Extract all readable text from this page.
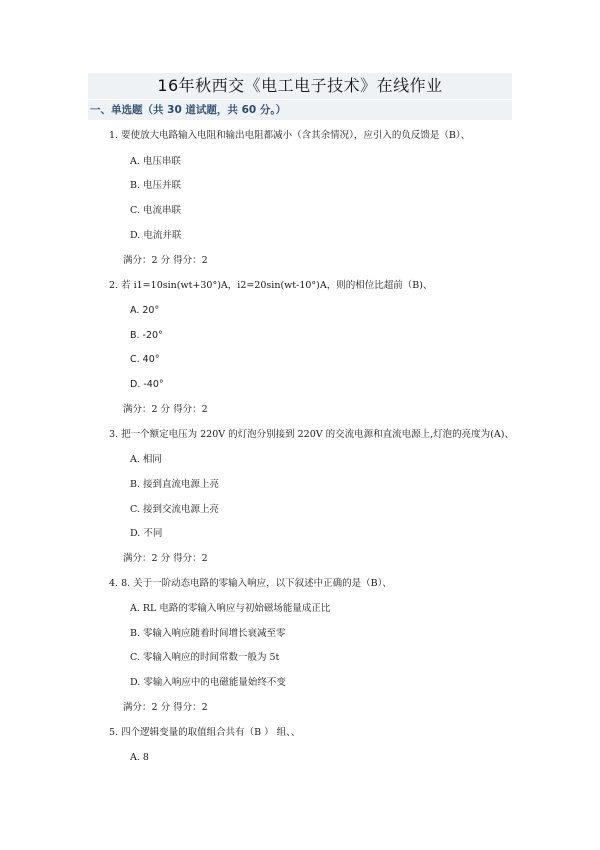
16年秋西交《电工电子技术》在线作业
一、单选题（共 30 道试题，共 60 分。）
1. 要使放大电路输入电阻和输出电阻都减小（含其余情况），应引入的负反馈是（B）、
A. 电压串联
B. 电压并联
C. 电流串联
D. 电流并联
满分：2 分 得分：2
2. 若 i1=10sin(wt+30°)A，i2=20sin(wt-10°)A，则的相位比超前（B)、
A. 20°
B. -20°
C. 40°
D. -40°
满分：2 分 得分：2
3. 把一个额定电压为 220V 的灯泡分别接到 220V 的交流电源和直流电源上,灯泡的亮度为(A)、
A. 相同
B. 接到直流电源上亮
C. 接到交流电源上亮
D. 不同
满分：2 分 得分：2
4. 8. 关于一阶动态电路的零输入响应，以下叙述中正确的是（B）、
A. RL 电路的零输入响应与初始磁场能量成正比
B. 零输入响应随着时间增长衰减至零
C. 零输入响应的时间常数一般为 5t
D. 零输入响应中的电磁能量始终不变
满分：2 分 得分：2
5. 四个逻辑变量的取值组合共有（B ） 组、、
A. 8
